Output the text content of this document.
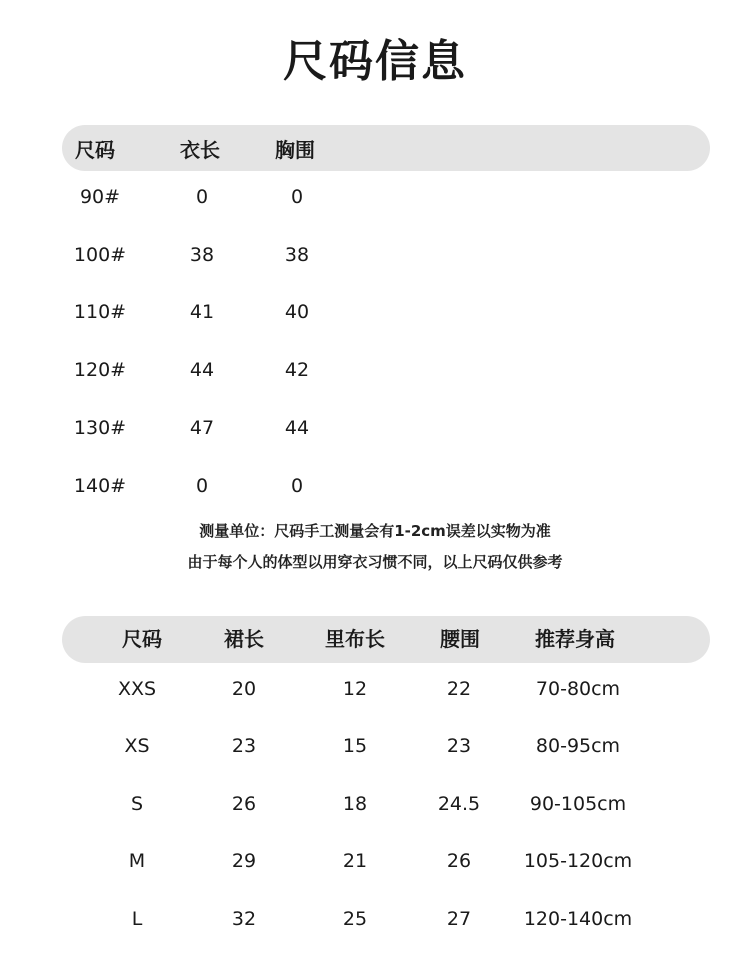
尺码信息
尺码	衣长	胸围
90#	0	0
100#	38	38
110#	41	40
120#	44	42
130#	47	44
140#	0	0
测量单位：尺码手工测量会有1-2cm误差以实物为准
由于每个人的体型以用穿衣习惯不同，以上尺码仅供参考
尺码	裙长	里布长	腰围	推荐身高
XXS	20	12	22	70-80cm
XS	23	15	23	80-95cm
S	26	18	24.5	90-105cm
M	29	21	26	105-120cm
L	32	25	27	120-140cm
